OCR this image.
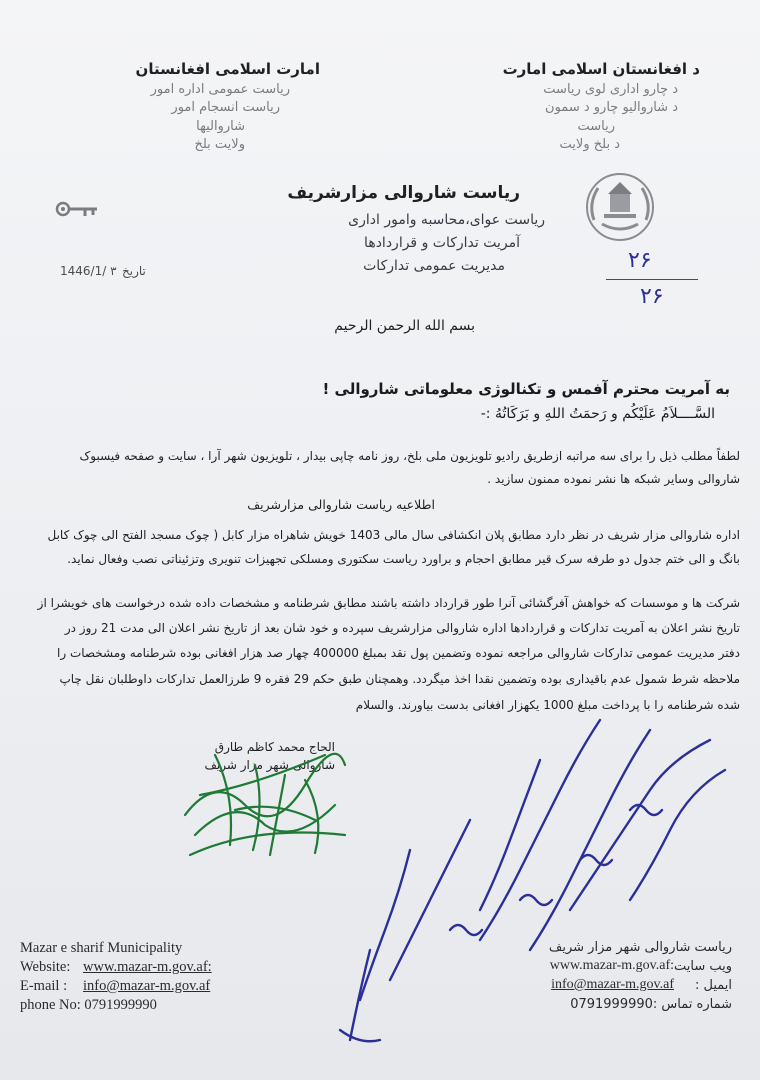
امارت اسلامی افغانستان
ریاست عمومی اداره امور
ریاست انسجام امور
شاروالیها
ولایت بلخ
د افغانستان اسلامی امارت
د چارو اداری لوی ریاست
د شاروالیو چارو د سمون
ریاست
د بلخ ولایت
ریاست شاروالی مزارشریف
ریاست عوای،محاسبه وامور اداری
آمریت تدارکات و قراردادها
مدیریت عمومی تدارکات
1446/1/ ۳ تاریخ	۲۶
۲۶
بسم الله الرحمن الرحیم
به آمریت محترم آفمس و تکنالوژی معلوماتی شاروالی !
السَّــــلاَمُ عَلَيْكُم و رَحمَتُ اللهِ و بَرَكَاتُهُ :-
لطفاً مطلب ذیل را برای سه مراتبه ازطریق رادیو تلویزیون ملی بلخ، روز نامه چاپی بیدار ، تلویزیون شهر آرا ، سایت و صفحه فیسبوک
شاروالی وسایر شبکه ها نشر نموده ممنون سازید .
اطلاعیه ریاست شاروالی مزارشریف
اداره شاروالی مزار شریف در نظر دارد مطابق پلان انکشافی سال مالی 1403 خویش شاهراه مزار کابل ( چوک مسجد الفتح الی چوک کابل
بانگ و الی ختم جدول دو طرفه سرک قیر مطابق احجام و براورد ریاست سکتوری ومسلکی تجهیزات تنویری وتزئیناتی نصب وفعال نماید.
شرکت ها و موسسات که خواهش آفرگشائی آنرا طور قرارداد داشته باشند مطابق شرطنامه و مشخصات داده شده درخواست های خویشرا از
تاریخ نشر اعلان به آمریت تدارکات و قراردادها اداره شاروالی مزارشریف سپرده و خود شان بعد از تاریخ نشر اعلان الی مدت 21 روز در
دفتر مدیریت عمومی تدارکات شاروالی مراجعه نموده وتضمین پول نقد بمبلغ 400000 چهار صد هزار افغانی بوده شرطنامه ومشخصات را
ملاحظه شرط شمول عدم باقیداری بوده وتضمین نقدا اخذ میگردد. وهمچنان طبق حکم 29 فقره 9 طرزالعمل تدارکات داوطلبان نقل چاپ
شده شرطنامه را با پرداخت مبلغ 1000 یکهزار افغانی بدست بیاورند. والسلام
الحاج محمد کاظم طارق
شاروالی شهر مزار شریف
Mazar e sharif Municipality
Website: www.mazar-m.gov.af:
E-mail : info@mazar-m.gov.af
phone No: 0791999990
ریاست شاروالی شهر مزار شریف
ویب سایت
www.mazar-m.gov.af:
ایمیل :
info@mazar-m.gov.af
شماره تماس :0791999990
